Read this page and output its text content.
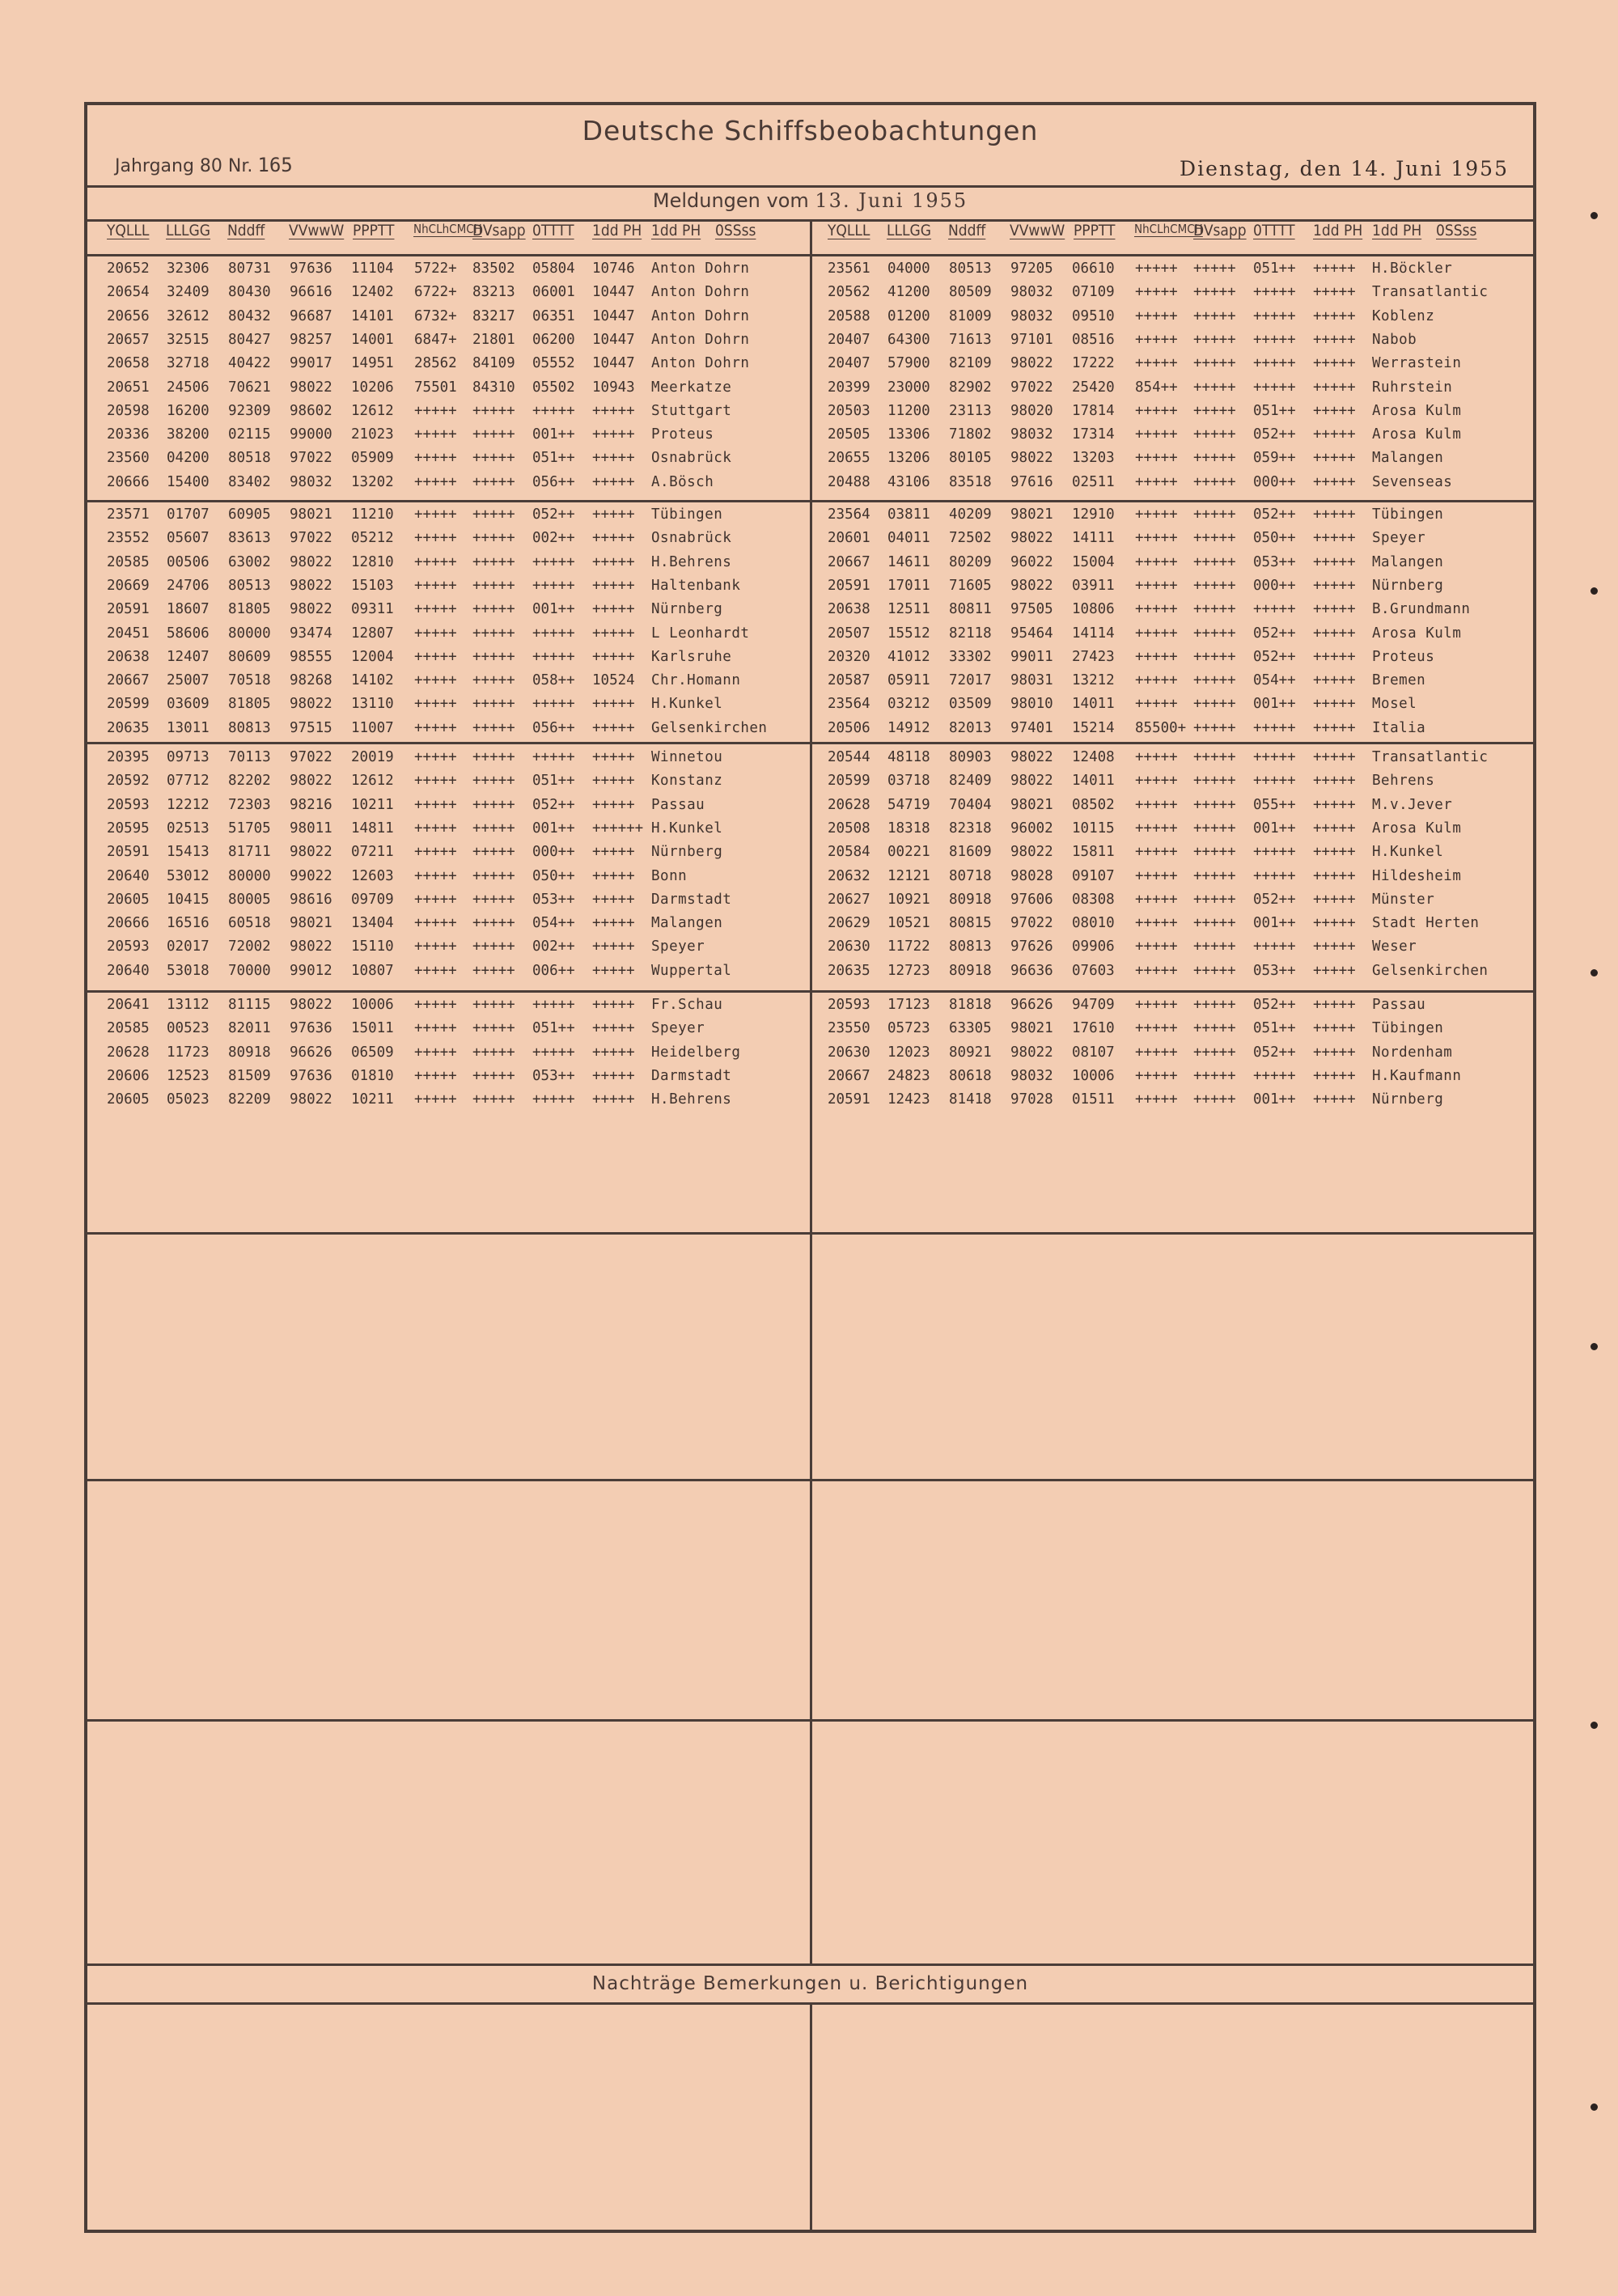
Deutsche Schiffsbeobachtungen
Jahrgang 80 Nr. 165	Dienstag, den 14. Juni 1955
Meldungen vom 13. Juni 1955
YQLLL LLLGG Nddff VVwwW PPPTT NhCLhCMCH
DVsapp 0TTTT 1dd PH 1dd PH 0SSss	YQLLL LLLGG Nddff VVwwW PPPTT NhCLhCMCH
DVsapp 0TTTT 1dd PH 1dd PH 0SSss
20652 32306 80731 97636 11104 5722+ 83502 05804 10746 Anton Dohrn
20654 32409 80430 96616 12402 6722+ 83213 06001 10447 Anton Dohrn
20656 32612 80432 96687 14101 6732+ 83217 06351 10447 Anton Dohrn
20657 32515 80427 98257 14001 6847+ 21801 06200 10447 Anton Dohrn
20658 32718 40422 99017 14951 28562 84109 05552 10447 Anton Dohrn
20651 24506 70621 98022 10206 75501 84310 05502 10943 Meerkatze
20598 16200 92309 98602 12612 +++++ +++++ +++++ +++++ Stuttgart
20336 38200 02115 99000 21023 +++++ +++++ 001++ +++++ Proteus
23560 04200 80518 97022 05909 +++++ +++++ 051++ +++++ Osnabrück
20666 15400 83402 98032 13202 +++++ +++++ 056++ +++++ A.Bösch
23571 01707 60905 98021 11210 +++++ +++++ 052++ +++++ Tübingen
23552 05607 83613 97022 05212 +++++ +++++ 002++ +++++ Osnabrück
20585 00506 63002 98022 12810 +++++ +++++ +++++ +++++ H.Behrens
20669 24706 80513 98022 15103 +++++ +++++ +++++ +++++ Haltenbank
20591 18607 81805 98022 09311 +++++ +++++ 001++ +++++ Nürnberg
20451 58606 80000 93474 12807 +++++ +++++ +++++ +++++ L Leonhardt
20638 12407 80609 98555 12004 +++++ +++++ +++++ +++++ Karlsruhe
20667 25007 70518 98268 14102 +++++ +++++ 058++ 10524 Chr.Homann
20599 03609 81805 98022 13110 +++++ +++++ +++++ +++++ H.Kunkel
20635 13011 80813 97515 11007 +++++ +++++ 056++ +++++ Gelsenkirchen
20395 09713 70113 97022 20019 +++++ +++++ +++++ +++++ Winnetou
20592 07712 82202 98022 12612 +++++ +++++ 051++ +++++ Konstanz
20593 12212 72303 98216 10211 +++++ +++++ 052++ +++++ Passau
20595 02513 51705 98011 14811 +++++ +++++ 001++ ++++++ H.Kunkel
20591 15413 81711 98022 07211 +++++ +++++ 000++ +++++ Nürnberg
20640 53012 80000 99022 12603 +++++ +++++ 050++ +++++ Bonn
20605 10415 80005 98616 09709 +++++ +++++ 053++ +++++ Darmstadt
20666 16516 60518 98021 13404 +++++ +++++ 054++ +++++ Malangen
20593 02017 72002 98022 15110 +++++ +++++ 002++ +++++ Speyer
20640 53018 70000 99012 10807 +++++ +++++ 006++ +++++ Wuppertal
20641 13112 81115 98022 10006 +++++ +++++ +++++ +++++ Fr.Schau
20585 00523 82011 97636 15011 +++++ +++++ 051++ +++++ Speyer
20628 11723 80918 96626 06509 +++++ +++++ +++++ +++++ Heidelberg
20606 12523 81509 97636 01810 +++++ +++++ 053++ +++++ Darmstadt
20605 05023 82209 98022 10211 +++++ +++++ +++++ +++++ H.Behrens
23561 04000 80513 97205 06610 +++++ +++++ 051++ +++++ H.Böckler
20562 41200 80509 98032 07109 +++++ +++++ +++++ +++++ Transatlantic
20588 01200 81009 98032 09510 +++++ +++++ +++++ +++++ Koblenz
20407 64300 71613 97101 08516 +++++ +++++ +++++ +++++ Nabob
20407 57900 82109 98022 17222 +++++ +++++ +++++ +++++ Werrastein
20399 23000 82902 97022 25420 854++ +++++ +++++ +++++ Ruhrstein
20503 11200 23113 98020 17814 +++++ +++++ 051++ +++++ Arosa Kulm
20505 13306 71802 98032 17314 +++++ +++++ 052++ +++++ Arosa Kulm
20655 13206 80105 98022 13203 +++++ +++++ 059++ +++++ Malangen
20488 43106 83518 97616 02511 +++++ +++++ 000++ +++++ Sevenseas
23564 03811 40209 98021 12910 +++++ +++++ 052++ +++++ Tübingen
20601 04011 72502 98022 14111 +++++ +++++ 050++ +++++ Speyer
20667 14611 80209 96022 15004 +++++ +++++ 053++ +++++ Malangen
20591 17011 71605 98022 03911 +++++ +++++ 000++ +++++ Nürnberg
20638 12511 80811 97505 10806 +++++ +++++ +++++ +++++ B.Grundmann
20507 15512 82118 95464 14114 +++++ +++++ 052++ +++++ Arosa Kulm
20320 41012 33302 99011 27423 +++++ +++++ 052++ +++++ Proteus
20587 05911 72017 98031 13212 +++++ +++++ 054++ +++++ Bremen
23564 03212 03509 98010 14011 +++++ +++++ 001++ +++++ Mosel
20506 14912 82013 97401 15214 85500+ +++++ +++++ +++++ Italia
20544 48118 80903 98022 12408 +++++ +++++ +++++ +++++ Transatlantic
20599 03718 82409 98022 14011 +++++ +++++ +++++ +++++ Behrens
20628 54719 70404 98021 08502 +++++ +++++ 055++ +++++ M.v.Jever
20508 18318 82318 96002 10115 +++++ +++++ 001++ +++++ Arosa Kulm
20584 00221 81609 98022 15811 +++++ +++++ +++++ +++++ H.Kunkel
20632 12121 80718 98028 09107 +++++ +++++ +++++ +++++ Hildesheim
20627 10921 80918 97606 08308 +++++ +++++ 052++ +++++ Münster
20629 10521 80815 97022 08010 +++++ +++++ 001++ +++++ Stadt Herten
20630 11722 80813 97626 09906 +++++ +++++ +++++ +++++ Weser
20635 12723 80918 96636 07603 +++++ +++++ 053++ +++++ Gelsenkirchen
20593 17123 81818 96626 94709 +++++ +++++ 052++ +++++ Passau
23550 05723 63305 98021 17610 +++++ +++++ 051++ +++++ Tübingen
20630 12023 80921 98022 08107 +++++ +++++ 052++ +++++ Nordenham
20667 24823 80618 98032 10006 +++++ +++++ +++++ +++++ H.Kaufmann
20591 12423 81418 97028 01511 +++++ +++++ 001++ +++++ Nürnberg
Nachträge Bemerkungen u. Berichtigungen
